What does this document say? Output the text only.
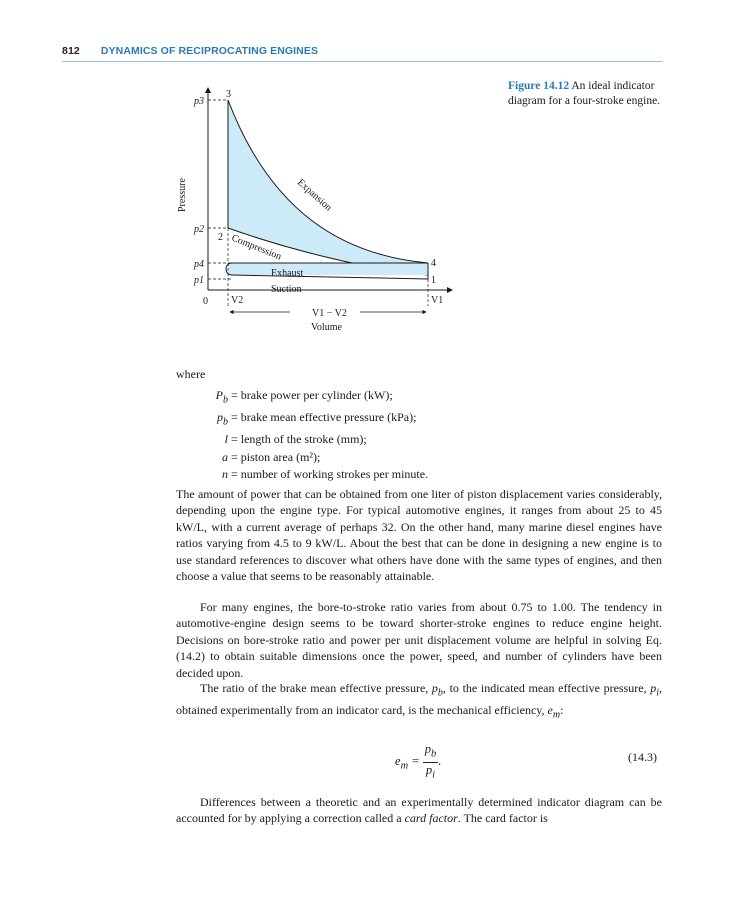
812 DYNAMICS OF RECIPROCATING ENGINES
Figure 14.12 An ideal indicator diagram for a four-stroke engine.
Pressure
p3
p2
p4
p1
0 V2	V1
V1 − V2
Volume
3
2
4
1
Expansion
Compression
Exhaust
Suction
where
$P_b$ = brake power per cylinder (kW);
$p_b$ = brake mean effective pressure (kPa);
l = length of the stroke (mm);
a = piston area (m²);
n = number of working strokes per minute.
The amount of power that can be obtained from one liter of piston displacement varies considerably, depending upon the engine type. For typical automotive engines, it ranges from about 25 to 45 kW/L, with a current average of perhaps 32. On the other hand, many marine diesel engines have ratios varying from 4.5 to 9 kW/L. About the best that can be done in designing a new engine is to use standard references to discover what others have done with the same types of engines, and then choose a value that seems to be reasonably attainable.
For many engines, the bore-to-stroke ratio varies from about 0.75 to 1.00. The tendency in automotive-engine design seems to be toward shorter-stroke engines to reduce engine height. Decisions on bore-stroke ratio and power per unit displacement volume are helpful in solving Eq. (14.2) to obtain suitable dimensions once the power, speed, and number of cylinders have been decided upon.
The ratio of the brake mean effective pressure, $p_b$, to the indicated mean effective pressure, $p_i$, obtained experimentally from an indicator card, is the mechanical efficiency, $e_m$:
$e_m = \frac{p_b}{p_i}$ .	(14.3)
Differences between a theoretic and an experimentally determined indicator diagram can be accounted for by applying a correction called a card factor. The card factor is
